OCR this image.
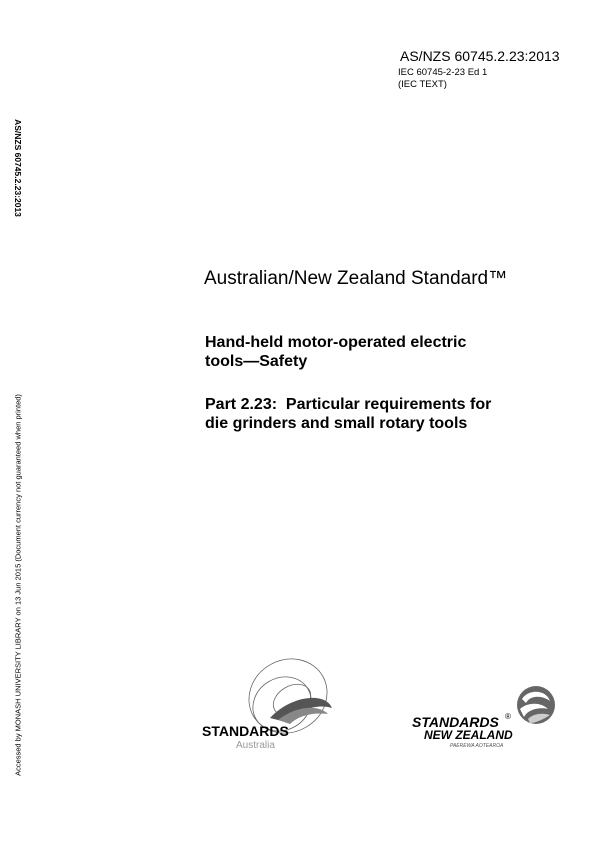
AS/NZS 60745.2.23:2013
IEC 60745-2-23 Ed 1
(IEC TEXT)
AS/NZS 60745.2.23:2013
Accessed by MONASH UNIVERSITY LIBRARY on 13 Jun 2015 (Document currency not guaranteed when printed)
Australian/New Zealand Standard™
Hand-held motor-operated electric
tools—Safety
Part 2.23:  Particular requirements for
die grinders and small rotary tools
STANDARDS
Australia
STANDARDS ®
NEW ZEALAND
PAEREWA AOTEAROA
